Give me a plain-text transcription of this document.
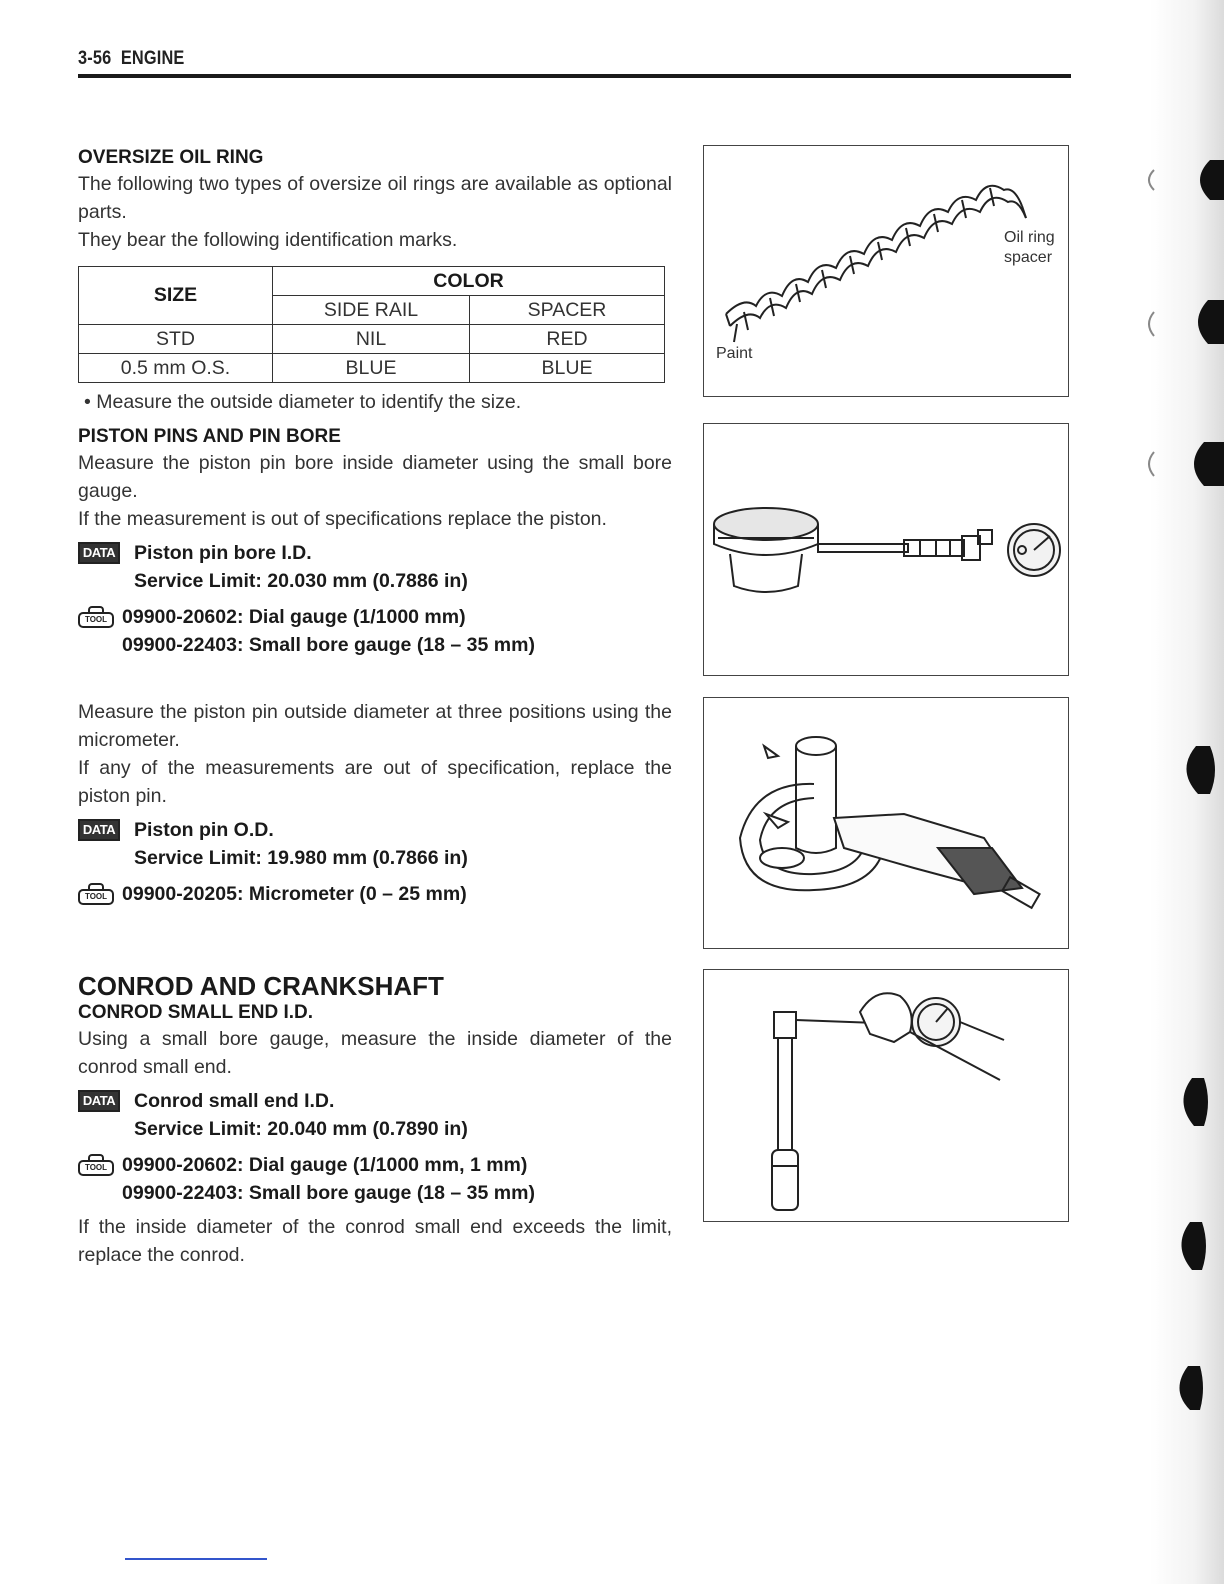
3-56 ENGINE
OVERSIZE OIL RING

The following two types of oversize oil rings are available as optional parts.

They bear the following identification marks.

SIZE	COLOR	
	SIDE RAIL	SPACER
STD	NIL	RED
0.5 mm O.S.	BLUE	BLUE
• Measure the outside diameter to identify the size.
PISTON PINS AND PIN BORE

Measure the piston pin bore inside diameter using the small bore gauge.

If the measurement is out of specifications replace the piston.

DATA Piston pin bore I.D.
Service Limit: 20.030 mm (0.7886 in)
TOOL 09900-20602: Dial gauge (1/1000 mm)
09900-22403: Small bore gauge (18 – 35 mm)

Measure the piston pin outside diameter at three positions using the micrometer.

If any of the measurements are out of specification, replace the piston pin.

DATA Piston pin O.D.
Service Limit: 19.980 mm (0.7866 in)
TOOL 09900-20205: Micrometer (0 – 25 mm)
CONROD AND CRANKSHAFT
CONROD SMALL END I.D.

Using a small bore gauge, measure the inside diameter of the conrod small end.

DATA Conrod small end I.D.
Service Limit: 20.040 mm (0.7890 in)
TOOL 09900-20602: Dial gauge (1/1000 mm, 1 mm)
09900-22403: Small bore gauge (18 – 35 mm)

If the inside diameter of the conrod small end exceeds the limit, replace the conrod.

Oil ring
spacer
Paint
